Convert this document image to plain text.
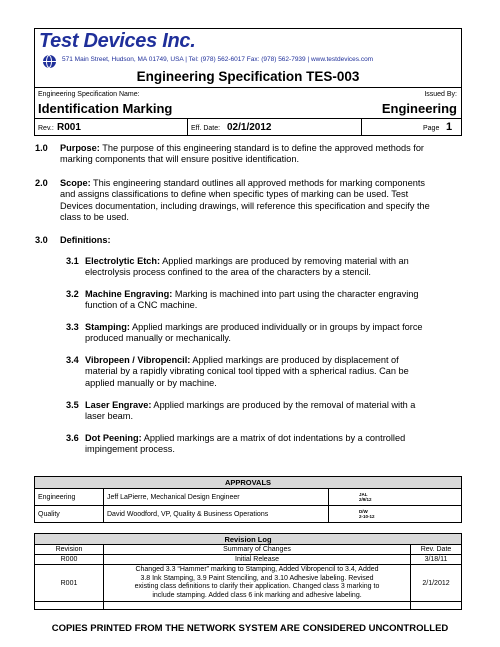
Test Devices Inc.
571 Main Street, Hudson, MA 01749, USA | Tel: (978) 562-6017 Fax: (978) 562-7939 | www.testdevices.com
Engineering Specification TES-003
Engineering Specification Name:
Identification Marking
Issued By:
Engineering
Rev.: R001	Eff. Date: 02/1/2012	Page 1
1.0 Purpose: The purpose of this engineering standard is to define the approved methods for
marking components that will ensure positive identification.
2.0 Scope: This engineering standard outlines all approved methods for marking components
and assigns classifications to define when specific types of marking can be used. Test
Devices documentation, including drawings, will reference this specification and specify the
class to be used.
3.0 Definitions:
3.1 Electrolytic Etch: Applied markings are produced by removing material with an
electrolysis process confined to the area of the characters by a stencil.
3.2 Machine Engraving: Marking is machined into part using the character engraving
function of a CNC machine.
3.3 Stamping: Applied markings are produced individually or in groups by impact force
produced manually or mechanically.
3.4 Vibropeen / Vibropencil: Applied markings are produced by displacement of
material by a rapidly vibrating conical tool tipped with a spherical radius. Can be
applied manually or by machine.
3.5 Laser Engrave: Applied markings are produced by the removal of material with a
laser beam.
3.6 Dot Peening: Applied markings are a matrix of dot indentations by a controlled
impingement process.
APPROVALS		
Engineering	Jeff LaPierre, Mechanical Design Engineer	JAL
2/9/12

Quality	David Woodford, VP, Quality & Business Operations	D/W
2-10-12
Revision Log		
Revision	Summary of Changes	Rev. Date
R000	Initial Release	3/18/11
R001	Changed 3.3 “Hammer” marking to Stamping, Added Vibropencil to 3.4, Added
3.8 Ink Stamping, 3.9 Paint Stenciling, and 3.10 Adhesive labeling. Revised
existing class definitions to clarify their application. Changed class 3 marking to
include stamping. Added class 6 ink marking and adhesive labeling.	2/1/2012

COPIES PRINTED FROM THE NETWORK SYSTEM ARE CONSIDERED UNCONTROLLED
